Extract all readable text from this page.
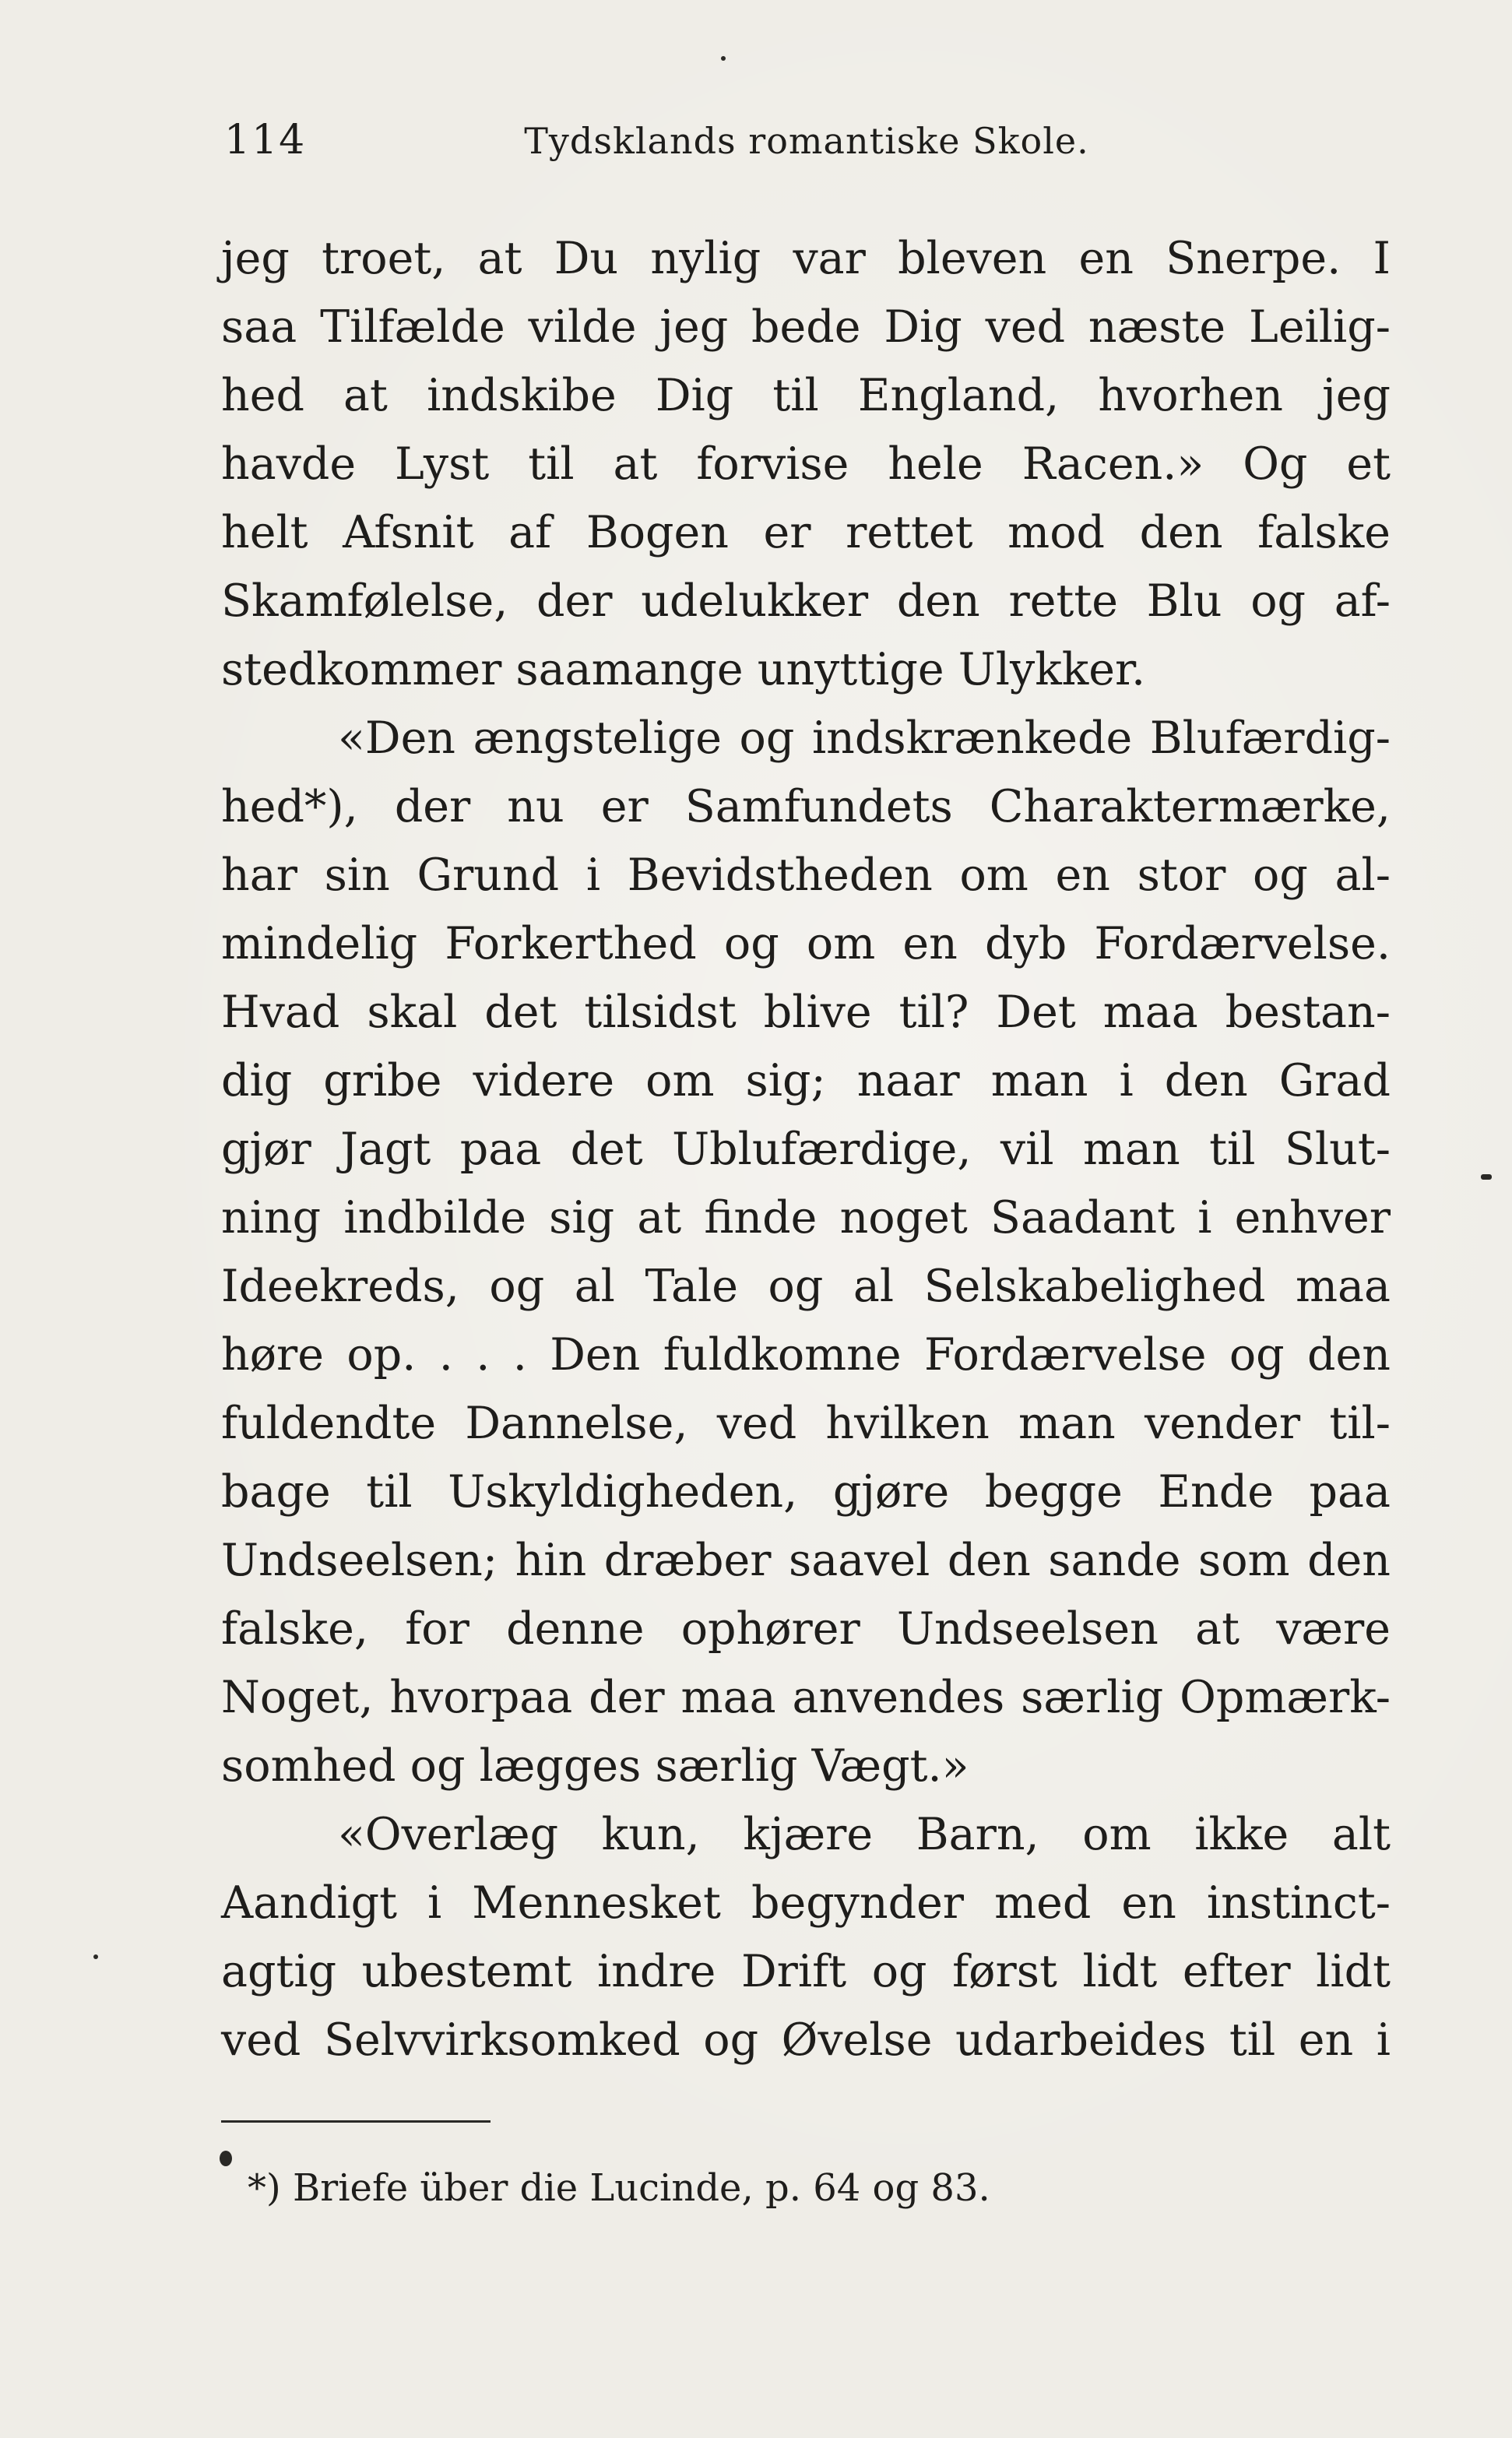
114	Tydsklands romantiske Skole.
jeg troet, at Du nylig var bleven en Snerpe. I
saa Tilfælde vilde jeg bede Dig ved næste Leilig-
hed at indskibe Dig til England, hvorhen jeg
havde Lyst til at forvise hele Racen.» Og et
helt Afsnit af Bogen er rettet mod den falske
Skamfølelse, der udelukker den rette Blu og af-
stedkommer saamange unyttige Ulykker.
«Den ængstelige og indskrænkede Blufærdig-
hed*), der nu er Samfundets Charaktermærke,
har sin Grund i Bevidstheden om en stor og al-
mindelig Forkerthed og om en dyb Fordærvelse.
Hvad skal det tilsidst blive til? Det maa bestan-
dig gribe videre om sig; naar man i den Grad
gjør Jagt paa det Ublufærdige, vil man til Slut-
ning indbilde sig at finde noget Saadant i enhver
Ideekreds, og al Tale og al Selskabelighed maa
høre op. . . . Den fuldkomne Fordærvelse og den
fuldendte Dannelse, ved hvilken man vender til-
bage til Uskyldigheden, gjøre begge Ende paa
Undseelsen; hin dræber saavel den sande som den
falske, for denne ophører Undseelsen at være
Noget, hvorpaa der maa anvendes særlig Opmærk-
somhed og lægges særlig Vægt.»
«Overlæg kun, kjære Barn, om ikke alt
Aandigt i Mennesket begynder med en instinct-
agtig ubestemt indre Drift og først lidt efter lidt
ved Selvvirksomked og Øvelse udarbeides til en i
*) Briefe über die Lucinde, p. 64 og 83.
